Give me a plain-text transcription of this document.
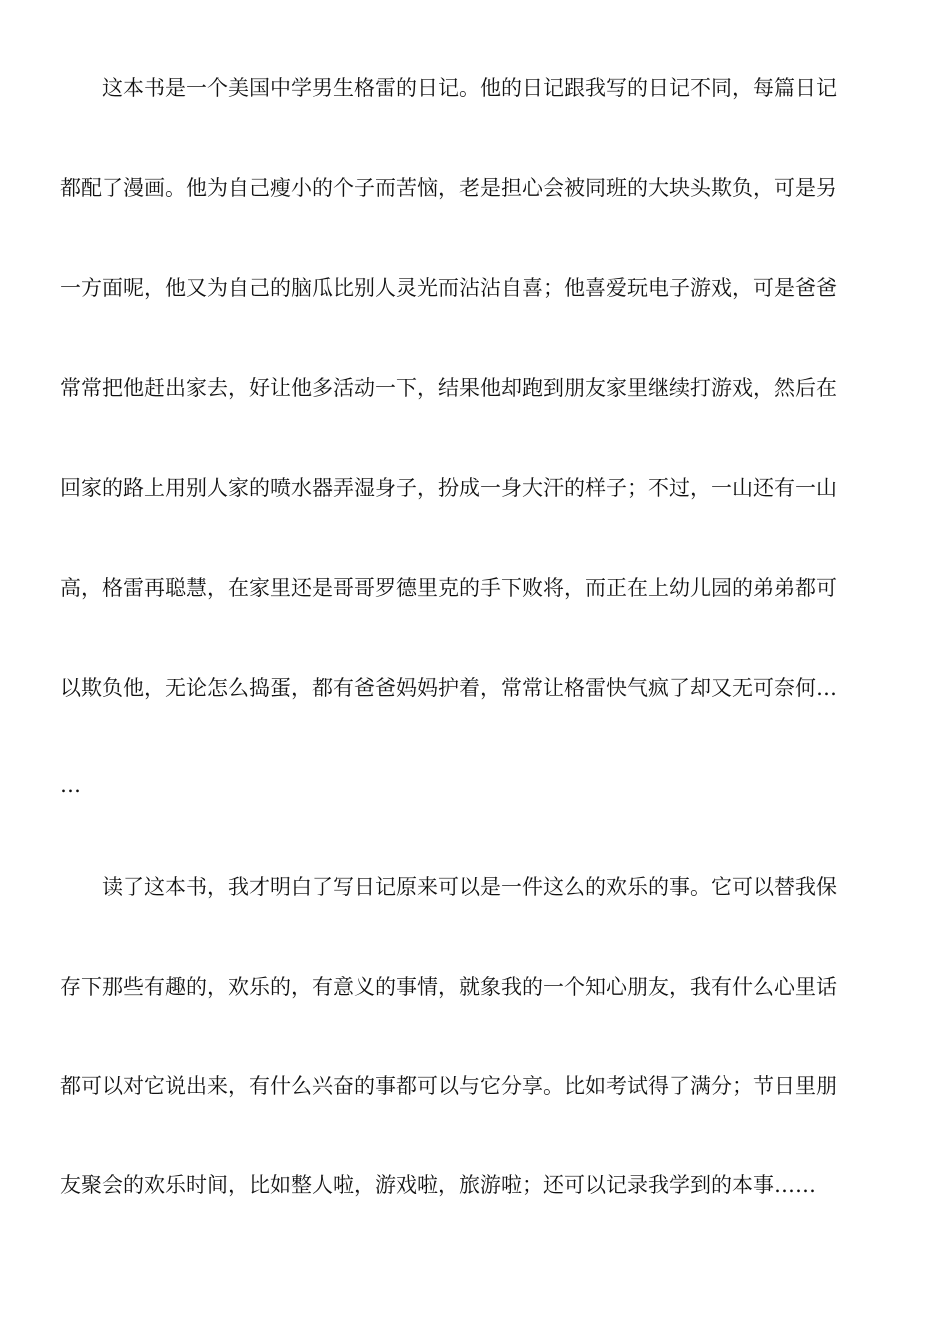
这本书是一个美国中学男生格雷的日记。他的日记跟我写的日记不同，每篇日记
都配了漫画。他为自己瘦小的个子而苦恼，老是担心会被同班的大块头欺负，可是另
一方面呢，他又为自己的脑瓜比别人灵光而沾沾自喜；他喜爱玩电子游戏，可是爸爸
常常把他赶出家去，好让他多活动一下，结果他却跑到朋友家里继续打游戏，然后在
回家的路上用别人家的喷水器弄湿身子，扮成一身大汗的样子；不过，一山还有一山
高，格雷再聪慧，在家里还是哥哥罗德里克的手下败将，而正在上幼儿园的弟弟都可
以欺负他，无论怎么捣蛋，都有爸爸妈妈护着，常常让格雷快气疯了却又无可奈何…
…
读了这本书，我才明白了写日记原来可以是一件这么的欢乐的事。它可以替我保
存下那些有趣的，欢乐的，有意义的事情，就象我的一个知心朋友，我有什么心里话
都可以对它说出来，有什么兴奋的事都可以与它分享。比如考试得了满分；节日里朋
友聚会的欢乐时间，比如整人啦，游戏啦，旅游啦；还可以记录我学到的本事……
